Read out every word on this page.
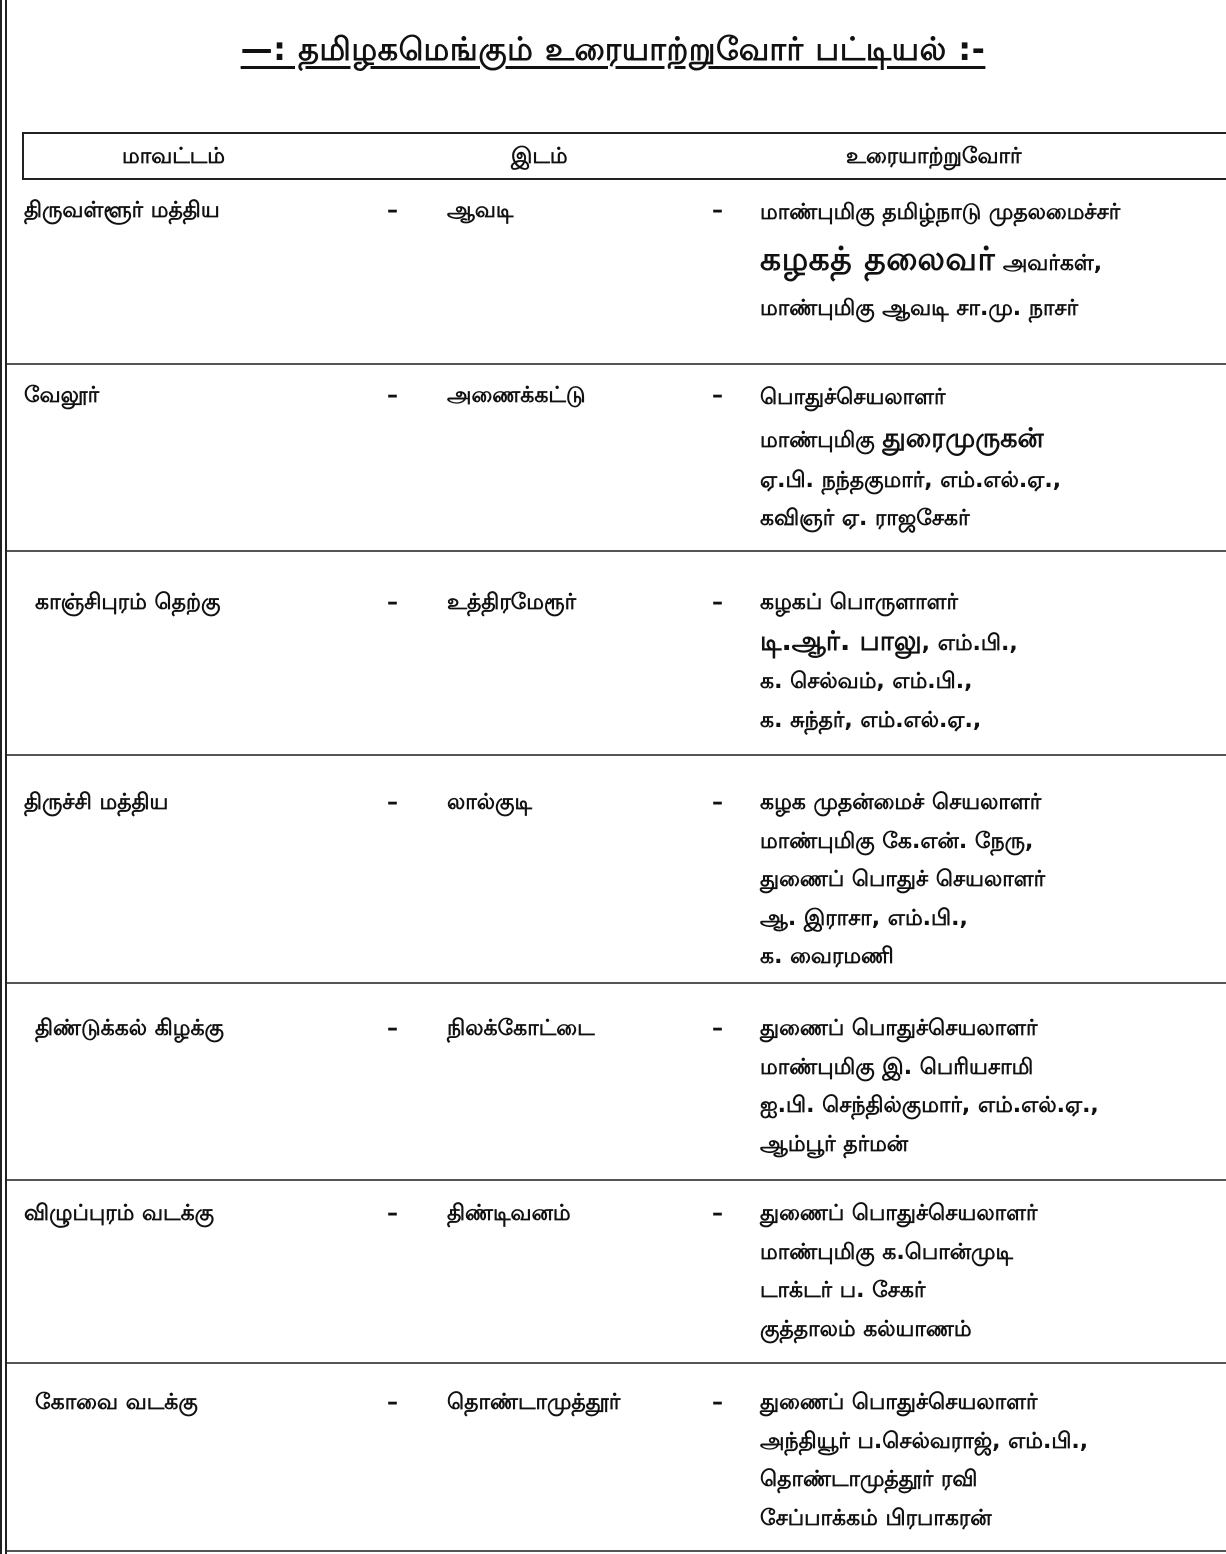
—: தமிழகமெங்கும் உரையாற்றுவோர் பட்டியல் :-
மாவட்டம்	இடம்	உரையாற்றுவோர்
திருவள்ளூர் மத்திய	– ஆவடி	– மாண்புமிகு தமிழ்நாடு முதலமைச்சர்
கழகத் தலைவர் அவர்கள்,
மாண்புமிகு ஆவடி சா.மு. நாசர்
வேலூர்	– அணைக்கட்டு	– பொதுச்செயலாளர்
மாண்புமிகு துரைமுருகன்
ஏ.பி. நந்தகுமார், எம்.எல்.ஏ.,
கவிஞர் ஏ. ராஜசேகர்
காஞ்சிபுரம் தெற்கு	– உத்திரமேரூர்	– கழகப் பொருளாளர்
டி.ஆர். பாலு, எம்.பி.,
க. செல்வம், எம்.பி.,
க. சுந்தர், எம்.எல்.ஏ.,
திருச்சி மத்திய	– லால்குடி	– கழக முதன்மைச் செயலாளர்
மாண்புமிகு கே.என். நேரு,
துணைப் பொதுச் செயலாளர்
ஆ. இராசா, எம்.பி.,
க. வைரமணி
திண்டுக்கல் கிழக்கு	– நிலக்கோட்டை	– துணைப் பொதுச்செயலாளர்
மாண்புமிகு இ. பெரியசாமி
ஐ.பி. செந்தில்குமார், எம்.எல்.ஏ.,
ஆம்பூர் தர்மன்
விழுப்புரம் வடக்கு	– திண்டிவனம்	– துணைப் பொதுச்செயலாளர்
மாண்புமிகு க.பொன்முடி
டாக்டர் ப. சேகர்
குத்தாலம் கல்யாணம்
கோவை வடக்கு	– தொண்டாமுத்தூர்	– துணைப் பொதுச்செயலாளர்
அந்தியூர் ப.செல்வராஜ், எம்.பி.,
தொண்டாமுத்தூர் ரவி
சேப்பாக்கம் பிரபாகரன்
